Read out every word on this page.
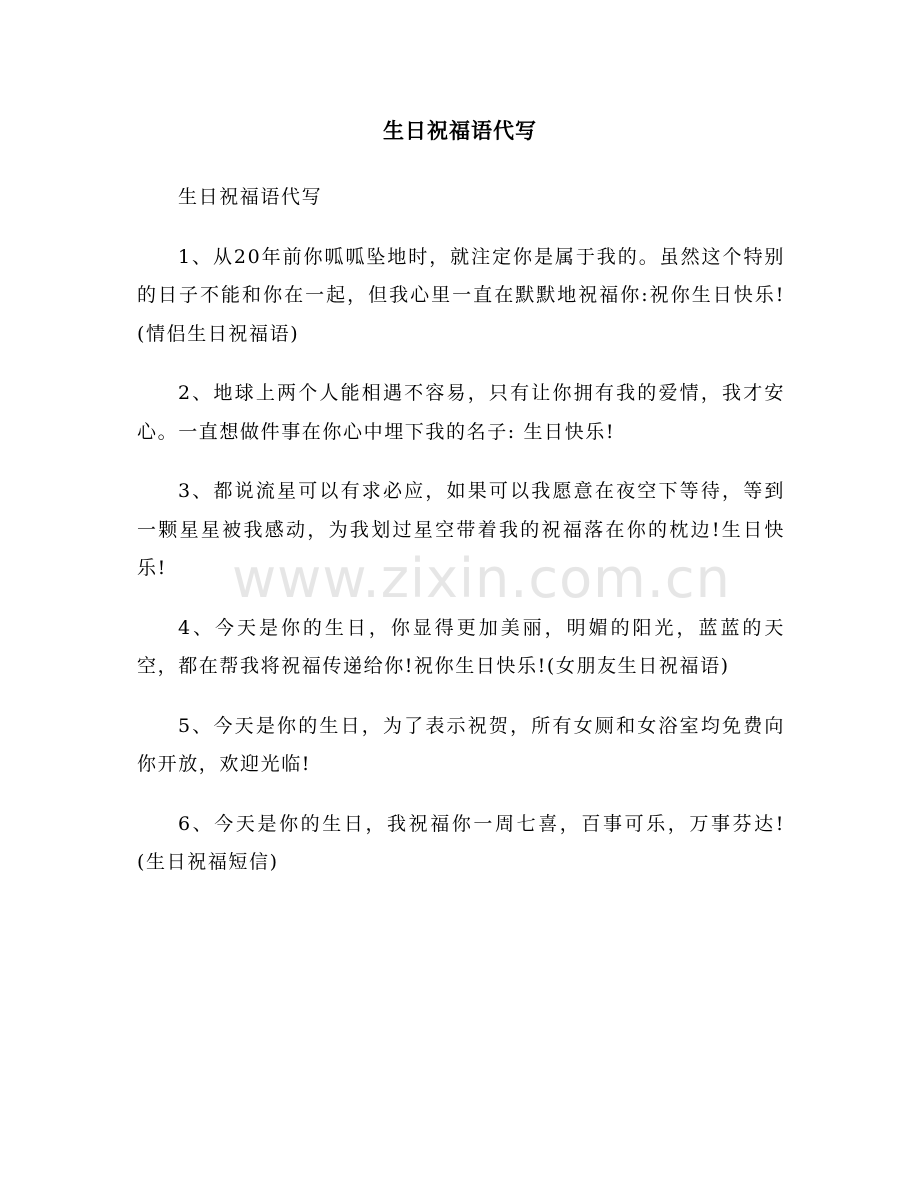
生日祝福语代写

生日祝福语代写

1、从20年前你呱呱坠地时，就注定你是属于我的。虽然这个特别的日子不能和你在一起，但我心里一直在默默地祝福你:祝你生日快乐!(情侣生日祝福语)

2、地球上两个人能相遇不容易，只有让你拥有我的爱情，我才安心。一直想做件事在你心中埋下我的名子: 生日快乐!

3、都说流星可以有求必应，如果可以我愿意在夜空下等待，等到一颗星星被我感动，为我划过星空带着我的祝福落在你的枕边!生日快乐!

4、今天是你的生日，你显得更加美丽，明媚的阳光，蓝蓝的天空，都在帮我将祝福传递给你!祝你生日快乐!(女朋友生日祝福语)

5、今天是你的生日，为了表示祝贺，所有女厕和女浴室均免费向你开放，欢迎光临!

6、今天是你的生日，我祝福你一周七喜，百事可乐，万事芬达!(生日祝福短信)

www.zixin.com.cn
